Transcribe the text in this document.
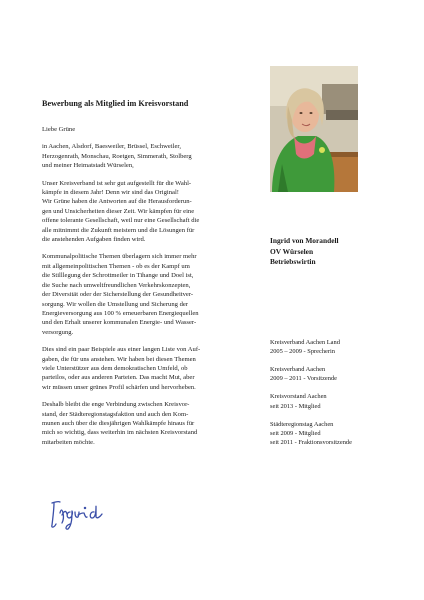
Bewerbung als Mitglied im Kreisvorstand
Liebe Grüne
in Aachen, Alsdorf, Baesweiler, Brüssel, Eschweiler,
Herzogenrath, Monschau, Roetgen, Simmerath, Stolberg
und meiner Heimatstadt Würselen,
Unser Kreisverband ist sehr gut aufgestellt für die Wahl-
kämpfe in diesem Jahr! Denn wir sind das Original!
Wir Grüne haben die Antworten auf die Herausforderun-
gen und Unsicherheiten dieser Zeit. Wir kämpfen für eine
offene tolerante Gesellschaft, weil nur eine Gesellschaft die
alle mitnimmt die Zukunft meistern und die Lösungen für
die anstehenden Aufgaben finden wird.
Kommunalpolitische Themen überlagern sich immer mehr
mit allgemeinpolitischen Themen - ob es der Kampf um
die Stilllegung der Schrottmeiler in Tihange und Doel ist,
die Suche nach umweltfreundlichen Verkehrskonzepten,
der Diversität oder der Sicherstellung der Gesundheitver-
sorgung. Wir wollen die Umstellung und Sicherung der
Energieversorgung aus 100 % erneuerbaren Energiequellen
und den Erhalt unserer kommunalen Energie- und Wasser-
versorgung.
Dies sind ein paar Beispiele aus einer langen Liste von Auf-
gaben, die für uns anstehen. Wir haben bei diesen Themen
viele Unterstützer aus dem demokratischen Umfeld, ob
parteilos, oder aus anderen Parteien. Das macht Mut, aber
wir müssen unser grünes Profil schärfen und hervorheben.
Deshalb bleibt die enge Verbindung zwischen Kreisvor-
stand, der Städteregionstagsfaktion und auch den Kom-
munen auch über die diesjährigen Wahlkämpfe hinaus für
mich so wichtig, dass weiterhin im nächsten Kreisvorstand
mitarbeiten möchte.
Ingrid von Morandell
OV Würselen
Betriebswirtin
Kreisverband Aachen Land
2005 – 2009 - Sprecherin
Kreisverband Aachen
2009 – 2011 - Vorsitzende
Kreisvorstand Aachen
seit 2013 - Mitglied
Städteregionstag Aachen
seit 2009 - Mitglied
seit 2011 - Fraktionsvorsitzende
